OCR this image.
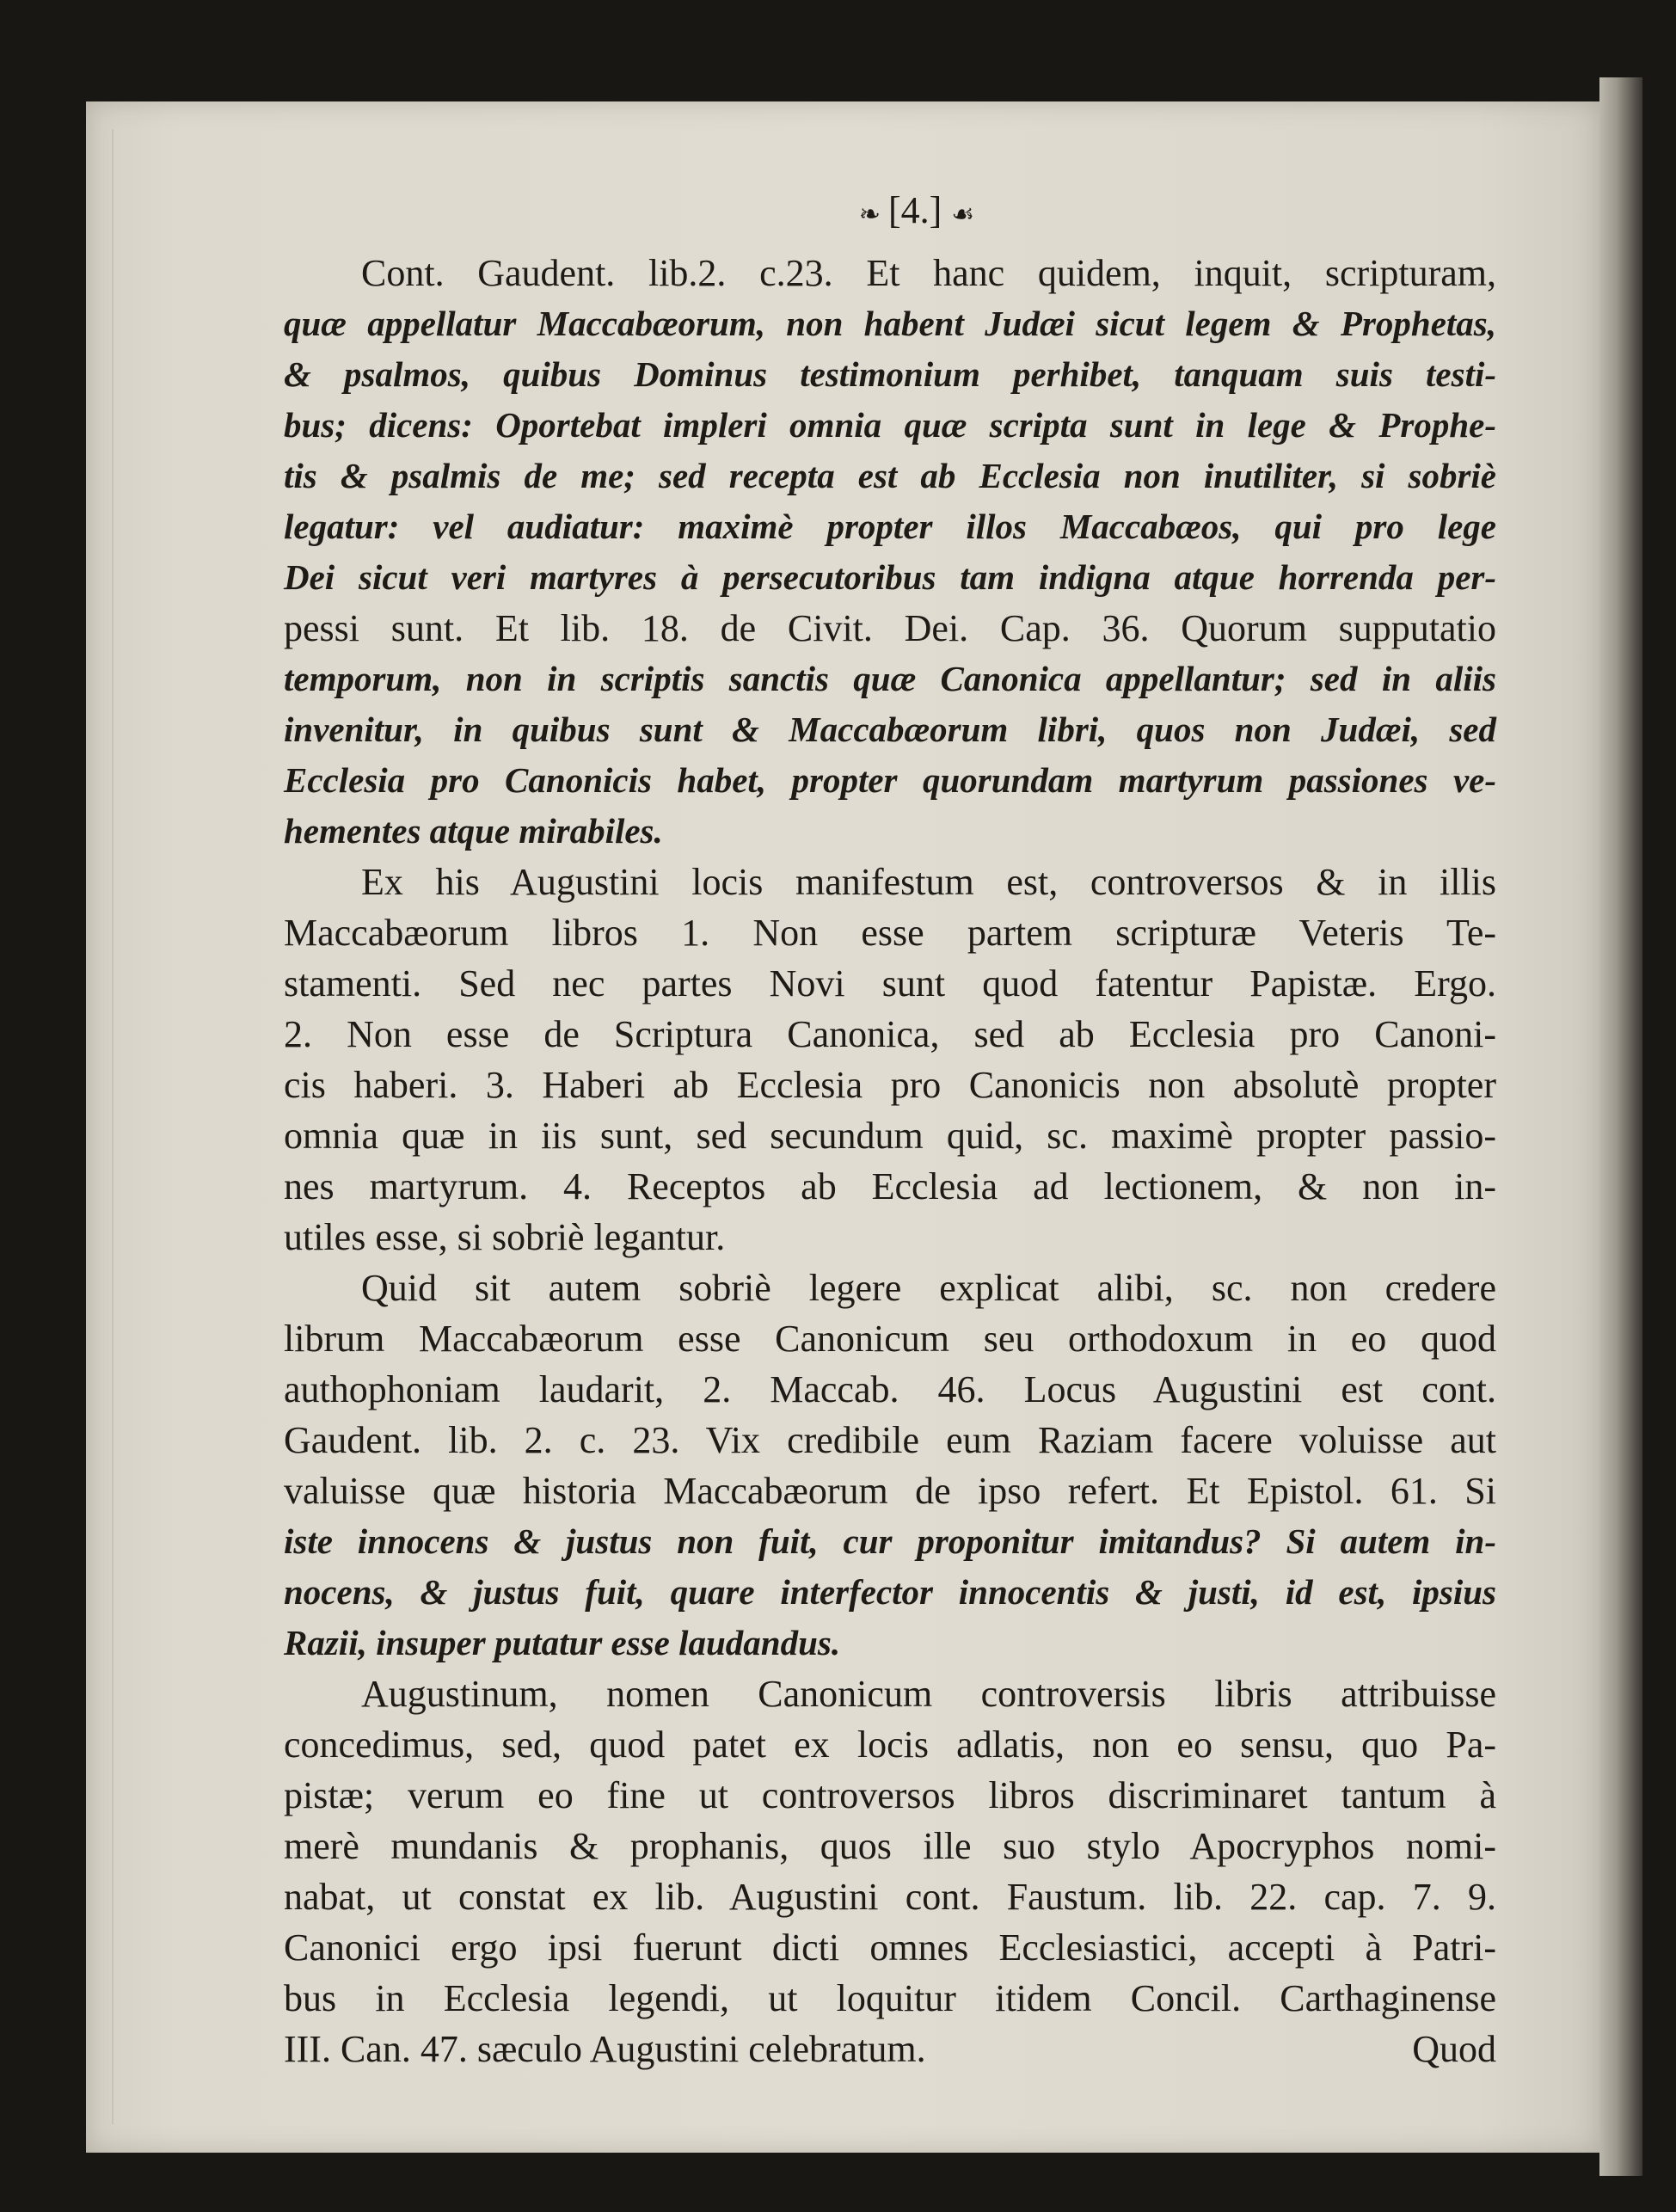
❧ [4.] ☙
Cont. Gaudent. lib.2. c.23. Et hanc quidem, inquit, scripturam,
quæ appellatur Maccabæorum, non habent Judæi sicut legem & Prophetas,
& psalmos, quibus Dominus testimonium perhibet, tanquam suis testi-
bus; dicens: Oportebat impleri omnia quæ scripta sunt in lege & Prophe-
tis & psalmis de me; sed recepta est ab Ecclesia non inutiliter, si sobriè
legatur: vel audiatur: maximè propter illos Maccabæos, qui pro lege
Dei sicut veri martyres à persecutoribus tam indigna atque horrenda per-
pessi sunt. Et lib. 18. de Civit. Dei. Cap. 36. Quorum supputatio
temporum, non in scriptis sanctis quæ Canonica appellantur; sed in aliis
invenitur, in quibus sunt & Maccabæorum libri, quos non Judæi, sed
Ecclesia pro Canonicis habet, propter quorundam martyrum passiones ve-
hementes atque mirabiles.
Ex his Augustini locis manifestum est, controversos & in illis
Maccabæorum libros 1. Non esse partem scripturæ Veteris Te-
stamenti. Sed nec partes Novi sunt quod fatentur Papistæ. Ergo.
2. Non esse de Scriptura Canonica, sed ab Ecclesia pro Canoni-
cis haberi. 3. Haberi ab Ecclesia pro Canonicis non absolutè propter
omnia quæ in iis sunt, sed secundum quid, sc. maximè propter passio-
nes martyrum. 4. Receptos ab Ecclesia ad lectionem, & non in-
utiles esse, si sobriè legantur.
Quid sit autem sobriè legere explicat alibi, sc. non credere
librum Maccabæorum esse Canonicum seu orthodoxum in eo quod
authophoniam laudarit, 2. Maccab. 46. Locus Augustini est cont.
Gaudent. lib. 2. c. 23. Vix credibile eum Raziam facere voluisse aut
valuisse quæ historia Maccabæorum de ipso refert. Et Epistol. 61. Si
iste innocens & justus non fuit, cur proponitur imitandus? Si autem in-
nocens, & justus fuit, quare interfector innocentis & justi, id est, ipsius
Razii, insuper putatur esse laudandus.
Augustinum, nomen Canonicum controversis libris attribuisse
concedimus, sed, quod patet ex locis adlatis, non eo sensu, quo Pa-
pistæ; verum eo fine ut controversos libros discriminaret tantum à
merè mundanis & prophanis, quos ille suo stylo Apocryphos nomi-
nabat, ut constat ex lib. Augustini cont. Faustum. lib. 22. cap. 7. 9.
Canonici ergo ipsi fuerunt dicti omnes Ecclesiastici, accepti à Patri-
bus in Ecclesia legendi, ut loquitur itidem Concil. Carthaginense
III. Can. 47. sæculo Augustini celebratum.	Quod
